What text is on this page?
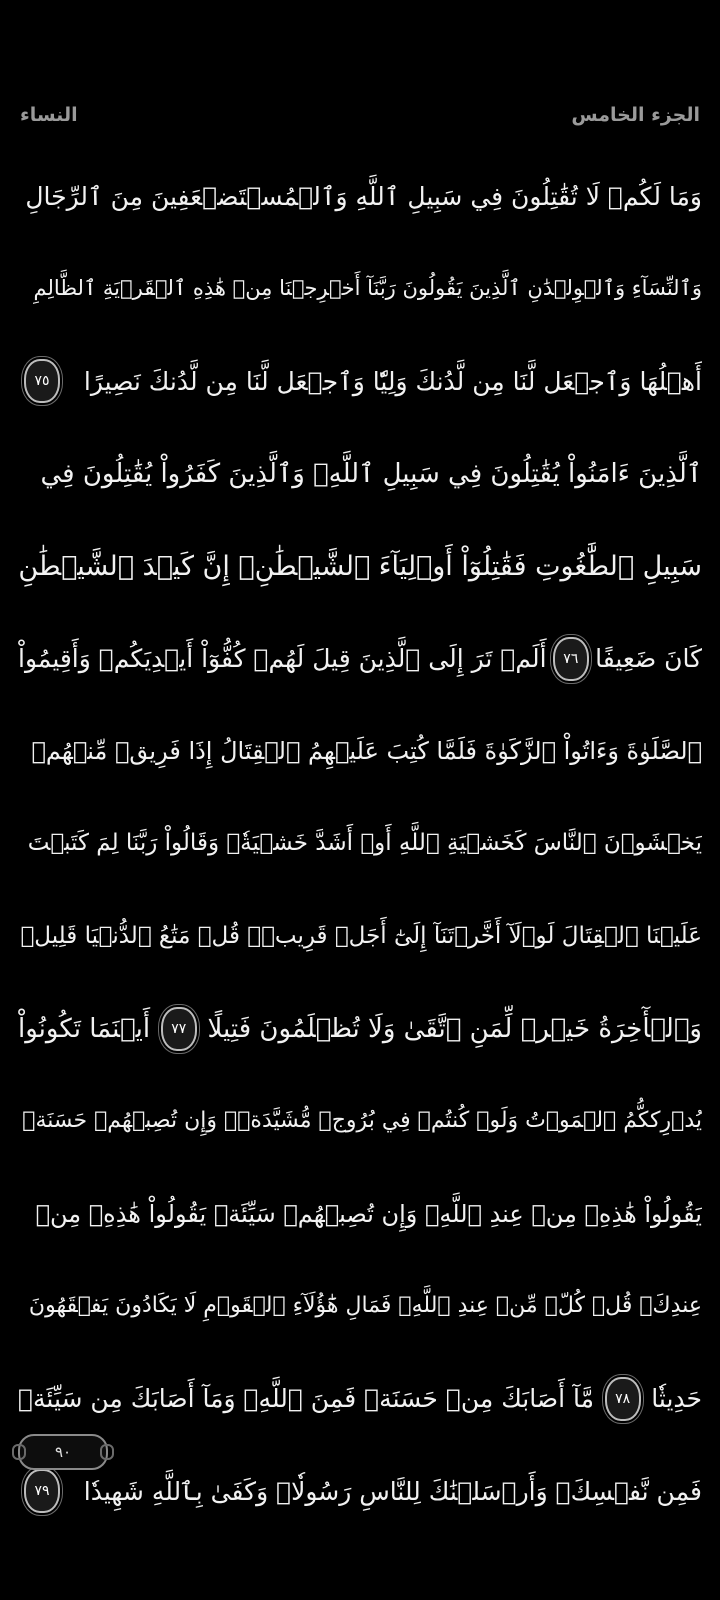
النساء	الجزء الخامس
وَمَا لَكُمۡ لَا تُقَٰتِلُونَ فِي سَبِيلِ ٱللَّهِ وَٱلۡمُسۡتَضۡعَفِينَ مِنَ ٱلرِّجَالِ
وَٱلنِّسَآءِ وَٱلۡوِلۡدَٰنِ ٱلَّذِينَ يَقُولُونَ رَبَّنَآ أَخۡرِجۡنَا مِنۡ هَٰذِهِ ٱلۡقَرۡيَةِ ٱلظَّالِمِ
أَهۡلُهَا وَٱجۡعَل لَّنَا مِن لَّدُنكَ وَلِيّٗا وَٱجۡعَل لَّنَا مِن لَّدُنكَ نَصِيرًا
٧٥
ٱلَّذِينَ ءَامَنُواْ يُقَٰتِلُونَ فِي سَبِيلِ ٱللَّهِۖ وَٱلَّذِينَ كَفَرُواْ يُقَٰتِلُونَ فِي
سَبِيلِ ٱلطَّٰغُوتِ فَقَٰتِلُوٓاْ أَوۡلِيَآءَ ٱلشَّيۡطَٰنِۖ إِنَّ كَيۡدَ ٱلشَّيۡطَٰنِ
كَانَ ضَعِيفًا
٧٦
أَلَمۡ تَرَ إِلَى ٱلَّذِينَ قِيلَ لَهُمۡ كُفُّوٓاْ أَيۡدِيَكُمۡ وَأَقِيمُواْ
ٱلصَّلَوٰةَ وَءَاتُواْ ٱلزَّكَوٰةَ فَلَمَّا كُتِبَ عَلَيۡهِمُ ٱلۡقِتَالُ إِذَا فَرِيقٞ مِّنۡهُمۡ
يَخۡشَوۡنَ ٱلنَّاسَ كَخَشۡيَةِ ٱللَّهِ أَوۡ أَشَدَّ خَشۡيَةٗۚ وَقَالُواْ رَبَّنَا لِمَ كَتَبۡتَ
عَلَيۡنَا ٱلۡقِتَالَ لَوۡلَآ أَخَّرۡتَنَآ إِلَىٰٓ أَجَلٖ قَرِيبٖۗ قُلۡ مَتَٰعُ ٱلدُّنۡيَا قَلِيلٞ
وَٱلۡأٓخِرَةُ خَيۡرٞ لِّمَنِ ٱتَّقَىٰ وَلَا تُظۡلَمُونَ فَتِيلًا
٧٧
أَيۡنَمَا تَكُونُواْ
يُدۡرِككُّمُ ٱلۡمَوۡتُ وَلَوۡ كُنتُمۡ فِي بُرُوجٖ مُّشَيَّدَةٖۗ وَإِن تُصِبۡهُمۡ حَسَنَةٞ
يَقُولُواْ هَٰذِهِۦ مِنۡ عِندِ ٱللَّهِۖ وَإِن تُصِبۡهُمۡ سَيِّئَةٞ يَقُولُواْ هَٰذِهِۦ مِنۡ
عِندِكَۚ قُلۡ كُلّٞ مِّنۡ عِندِ ٱللَّهِۖ فَمَالِ هَٰٓؤُلَآءِ ٱلۡقَوۡمِ لَا يَكَادُونَ يَفۡقَهُونَ
حَدِيثٗا
٧٨
مَّآ أَصَابَكَ مِنۡ حَسَنَةٖ فَمِنَ ٱللَّهِۖ وَمَآ أَصَابَكَ مِن سَيِّئَةٖ
فَمِن نَّفۡسِكَۚ وَأَرۡسَلۡنَٰكَ لِلنَّاسِ رَسُولٗاۚ وَكَفَىٰ بِٱللَّهِ شَهِيدٗا
٧٩
٩٠
